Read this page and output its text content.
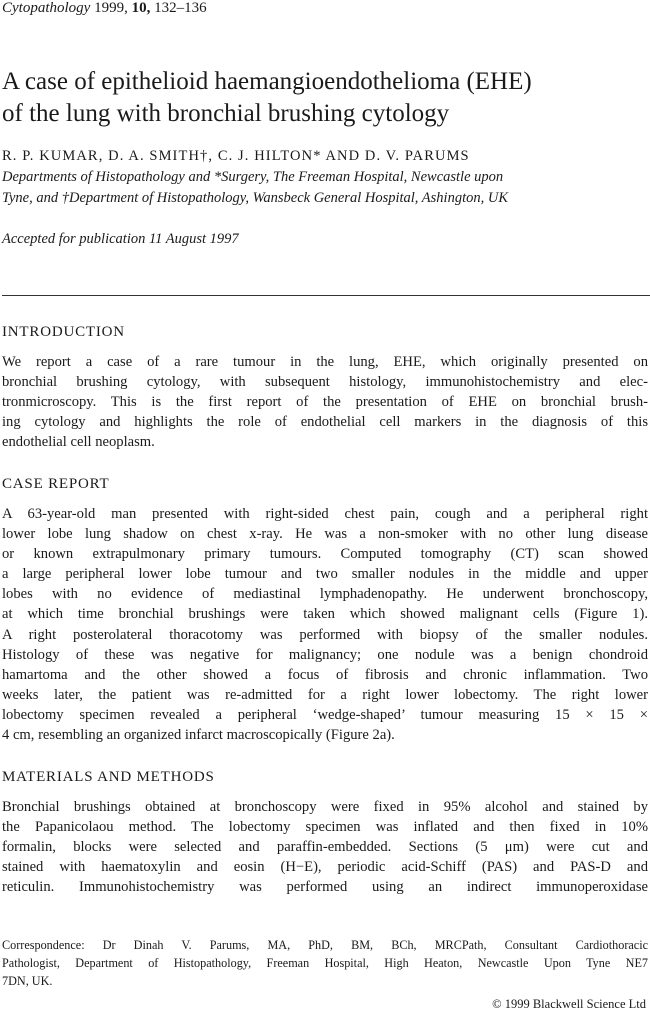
Cytopathology 1999, 10, 132–136
A case of epithelioid haemangioendothelioma (EHE)
of the lung with bronchial brushing cytology
R. P. KUMAR, D. A. SMITH†, C. J. HILTON* AND D. V. PARUMS
Departments of Histopathology and *Surgery, The Freeman Hospital, Newcastle upon
Tyne, and †Department of Histopathology, Wansbeck General Hospital, Ashington, UK
Accepted for publication 11 August 1997
INTRODUCTION
We report a case of a rare tumour in the lung, EHE, which originally presented on
bronchial brushing cytology, with subsequent histology, immunohistochemistry and elec-
tronmicroscopy. This is the first report of the presentation of EHE on bronchial brush-
ing cytology and highlights the role of endothelial cell markers in the diagnosis of this
endothelial cell neoplasm.
CASE REPORT
A 63-year-old man presented with right-sided chest pain, cough and a peripheral right
lower lobe lung shadow on chest x-ray. He was a non-smoker with no other lung disease
or known extrapulmonary primary tumours. Computed tomography (CT) scan showed
a large peripheral lower lobe tumour and two smaller nodules in the middle and upper
lobes with no evidence of mediastinal lymphadenopathy. He underwent bronchoscopy,
at which time bronchial brushings were taken which showed malignant cells (Figure 1).
A right posterolateral thoracotomy was performed with biopsy of the smaller nodules.
Histology of these was negative for malignancy; one nodule was a benign chondroid
hamartoma and the other showed a focus of fibrosis and chronic inflammation. Two
weeks later, the patient was re-admitted for a right lower lobectomy. The right lower
lobectomy specimen revealed a peripheral ‘wedge-shaped’ tumour measuring 15 × 15 ×
4 cm, resembling an organized infarct macroscopically (Figure 2a).
MATERIALS AND METHODS
Bronchial brushings obtained at bronchoscopy were fixed in 95% alcohol and stained by
the Papanicolaou method. The lobectomy specimen was inflated and then fixed in 10%
formalin, blocks were selected and paraffin-embedded. Sections (5 μm) were cut and
stained with haematoxylin and eosin (H−E), periodic acid-Schiff (PAS) and PAS-D and
reticulin. Immunohistochemistry was performed using an indirect immunoperoxidase
Correspondence: Dr Dinah V. Parums, MA, PhD, BM, BCh, MRCPath, Consultant Cardiothoracic
Pathologist, Department of Histopathology, Freeman Hospital, High Heaton, Newcastle Upon Tyne NE7
7DN, UK.
© 1999 Blackwell Science Ltd
